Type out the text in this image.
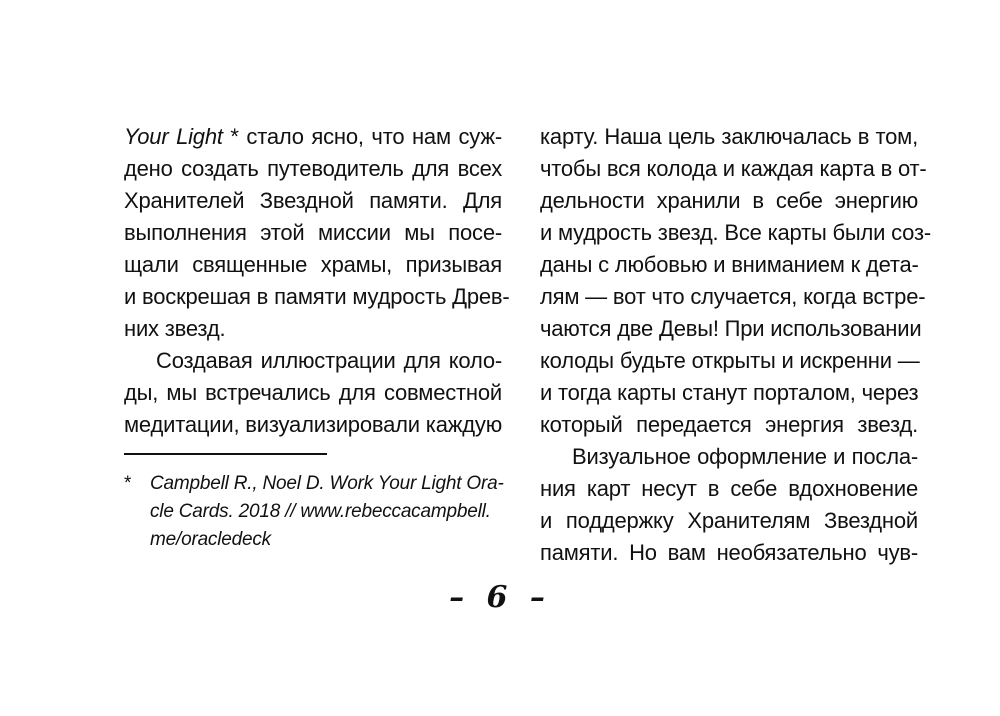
Your Light * стало ясно, что нам суж-
дено создать путеводитель для всех
Хранителей Звездной памяти. Для
выполнения этой миссии мы посе-
щали священные храмы, призывая
и воскрешая в памяти мудрость Древ-
них звезд.
Создавая иллюстрации для коло-
ды, мы встречались для совместной
медитации, визуализировали каждую
* Campbell R., Noel D. Work Your Light Ora-
cle Cards. 2018 // www.rebeccacampbell.
me/oracledeck
карту. Наша цель заключалась в том,
чтобы вся колода и каждая карта в от-
дельности хранили в себе энергию
и мудрость звезд. Все карты были соз-
даны с любовью и вниманием к дета-
лям — вот что случается, когда встре-
чаются две Девы! При использовании
колоды будьте открыты и искренни —
и тогда карты станут порталом, через
который передается энергия звезд.
Визуальное оформление и посла-
ния карт несут в себе вдохновение
и поддержку Хранителям Звездной
памяти. Но вам необязательно чув-
– 6 –
